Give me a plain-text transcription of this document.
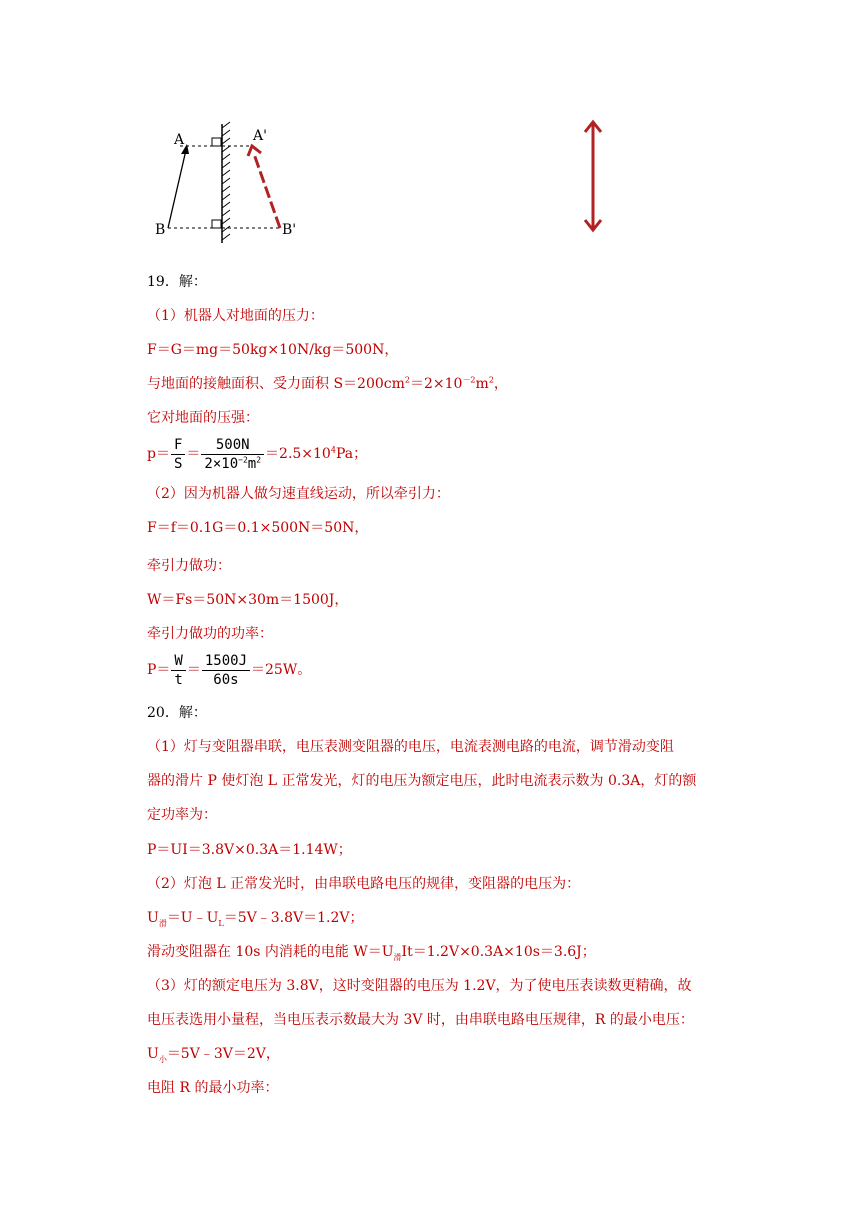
A
B
A'
B'
19．解：
（1）机器人对地面的压力：
F＝G＝mg＝50kg×10N/kg＝500N，
与地面的接触面积、受力面积 $S=200cm^2=2\times 10^{-2}m^2$，
它对地面的压强：
$p= \frac{F}{S} = \frac{500N}{2\times 10^{-2}m^2} =2.5\times 10^4Pa$；
（2）因为机器人做匀速直线运动，所以牵引力：
F＝f＝0.1G＝0.1×500N＝50N，
牵引力做功：
W＝Fs＝50N×30m＝1500J，
牵引力做功的功率：
$P= \frac{W}{t} = \frac{1500J}{60s} =25W$。
20．解：
（1）灯与变阻器串联，电压表测变阻器的电压，电流表测电路的电流，调节滑动变阻
器的滑片 P 使灯泡 L 正常发光，灯的电压为额定电压，此时电流表示数为 0.3A，灯的额
定功率为：
P＝UI＝3.8V×0.3A＝1.14W；
（2）灯泡 L 正常发光时，由串联电路电压的规律，变阻器的电压为：
$U_滑=U﹣U_L=5V﹣3.8V=1.2V$；
滑动变阻器在 10s 内消耗的电能 $W=U_滑It=1.2V\times 0.3A\times 10s=3.6J$；
（3）灯的额定电压为 3.8V，这时变阻器的电压为 1.2V，为了使电压表读数更精确，故
电压表选用小量程，当电压表示数最大为 3V 时，由串联电路电压规律，R 的最小电压：
$U_小=5V﹣3V=2V$，
电阻 R 的最小功率：
